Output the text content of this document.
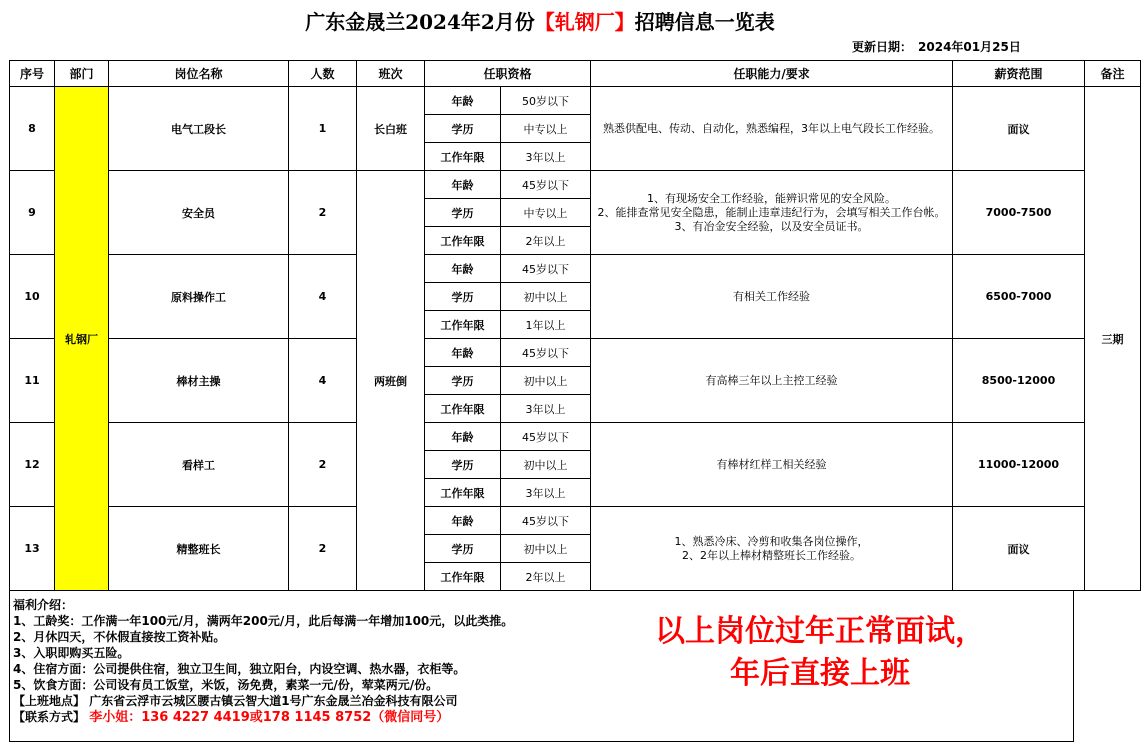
广东金晟兰2024年2月份【轧钢厂】招聘信息一览表
更新日期： 2024年01月25日
序号	部门	岗位名称	人数	班次	任职资格		任职能力/要求	薪资范围	备注
8	轧钢厂	电气工段长	1	长白班	年龄	50岁以下	熟悉供配电、传动、自动化，熟悉编程，3年以上电气段长工作经验。	面议	三期
					学历	中专以上			
					工作年限	3年以上			
9		安全员	2	两班倒	年龄	45岁以下	1、有现场安全工作经验，能辨识常见的安全风险。
2、能排查常见安全隐患，能制止违章违纪行为，会填写相关工作台帐。
3、有冶金安全经验，以及安全员证书。	7000-7500	
					学历	中专以上			
					工作年限	2年以上			
10		原料操作工	4		年龄	45岁以下	有相关工作经验	6500-7000	
					学历	初中以上			
					工作年限	1年以上			
11		棒材主操	4		年龄	45岁以下	有高棒三年以上主控工经验	8500-12000	
					学历	初中以上			
					工作年限	3年以上			
12		看样工	2		年龄	45岁以下	有棒材红样工相关经验	11000-12000	
					学历	初中以上			
					工作年限	3年以上			
13		精整班长	2		年龄	45岁以下	1、熟悉冷床、冷剪和收集各岗位操作，
2、2年以上棒材精整班长工作经验。	面议	
					学历	初中以上			
					工作年限	2年以上			
福利介绍：
1、工龄奖：工作满一年100元/月，满两年200元/月，此后每满一年增加100元，以此类推。
2、月休四天，不休假直接按工资补贴。
3、入职即购买五险。
4、住宿方面：公司提供住宿，独立卫生间，独立阳台，内设空调、热水器，衣柜等。
5、饮食方面：公司设有员工饭堂，米饭，汤免费，素菜一元/份，荤菜两元/份。
【上班地点】 广东省云浮市云城区腰古镇云智大道1号广东金晟兰冶金科技有限公司
【联系方式】 李小姐：136 4227 4419或178 1145 8752（微信同号）
以上岗位过年正常面试，
年后直接上班
